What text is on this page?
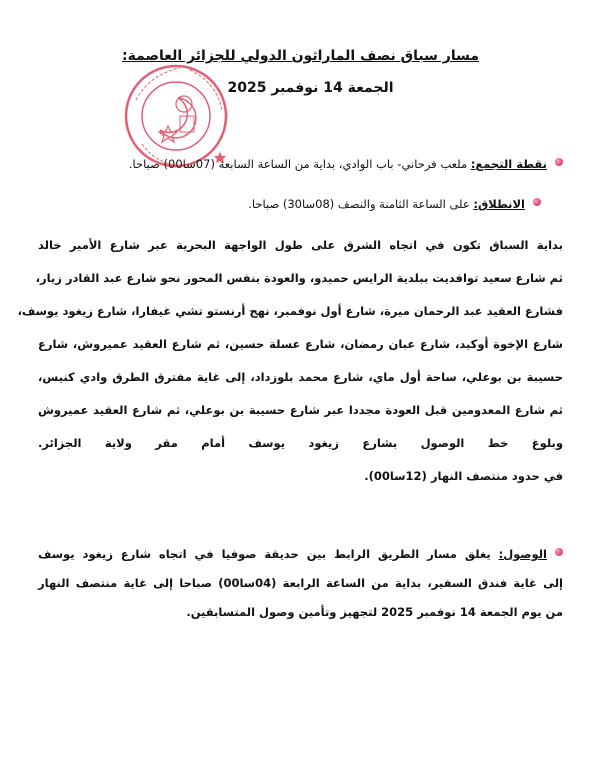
مسار سباق نصف الماراثون الدولي للجزائر العاصمة:
الجمعة 14 نوفمبر 2025
نقطة التجمع: ملعب فرحاني- باب الوادي، بداية من الساعة السابعة (07سا00) صباحا.
الانطلاق: على الساعة الثامنة والنصف (08سا30) صباحا.
بداية السباق تكون في اتجاه الشرق على طول الواجهة البحرية عبر شارع الأمير خالد
ثم شارع سعيد توافديت ببلدية الرايس حميدو، والعودة بنفس المحور نحو شارع عبد القادر زيار،
فشارع العقيد عبد الرحمان ميرة، شارع أول نوفمبر، نهج أرنستو تشي غيفارا، شارع زيغود يوسف،
شارع الإخوة أوكيد، شارع عبان رمضان، شارع عسلة حسين، ثم شارع العقيد عميروش، شارع
حسيبة بن بوعلي، ساحة أول ماي، شارع محمد بلوزداد، إلى غاية مفترق الطرق وادي كنيس،
ثم شارع المعدومين قبل العودة مجددا عبر شارع حسيبة بن بوعلي، ثم شارع العقيد عميروش
وبلوغ خط الوصول بشارع زيغود يوسف أمام مقر ولاية الجزائر.
في حدود منتصف النهار (12سا00).
الوصول: يغلق مسار الطريق الرابط بين حديقة صوفيا في اتجاه شارع زيغود يوسف
إلى غاية فندق السفير، بداية من الساعة الرابعة (04سا00) صباحا إلى غاية منتصف النهار
من يوم الجمعة 14 نوفمبر 2025 لتجهيز وتأمين وصول المتسابقين.
